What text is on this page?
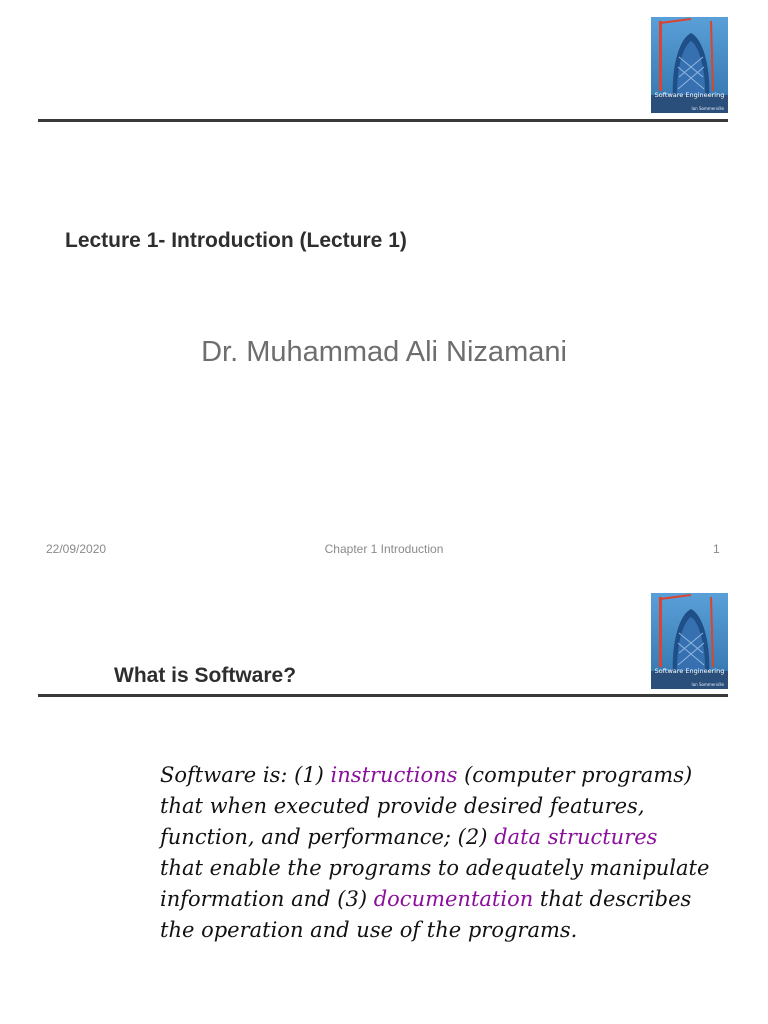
Software Engineering
Ian Sommerville
Lecture 1- Introduction (Lecture 1)
Dr. Muhammad Ali Nizamani
22/09/2020	Chapter 1 Introduction	1
Software Engineering
Ian Sommerville
What is Software?
Software is: (1) instructions (computer programs)
that when executed provide desired features,
function, and performance; (2) data structures
that enable the programs to adequately manipulate
information and (3) documentation that describes
the operation and use of the programs.
